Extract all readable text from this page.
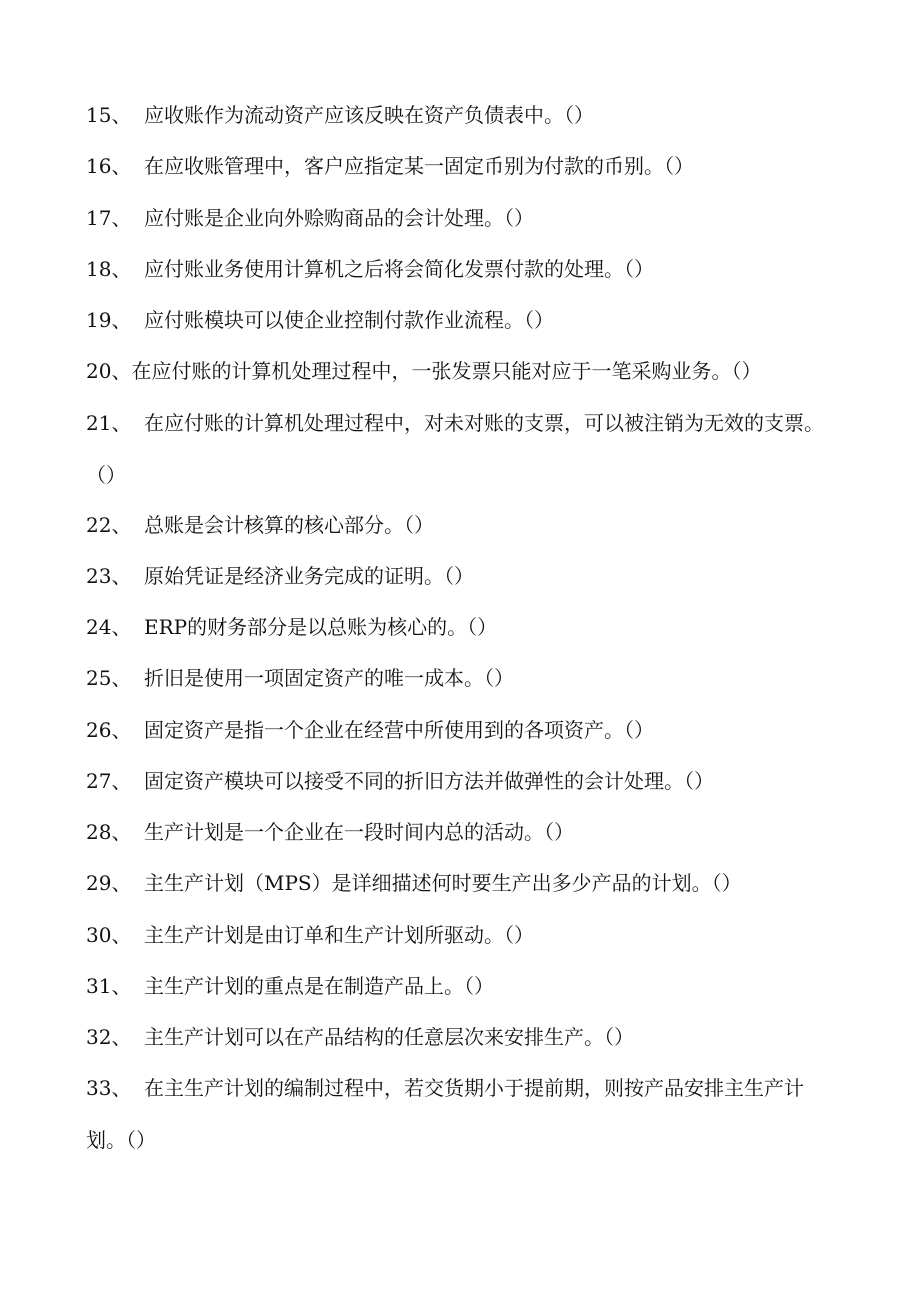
15、 应收账作为流动资产应该反映在资产负债表中。（）
16、 在应收账管理中，客户应指定某一固定币别为付款的币别。（）
17、 应付账是企业向外赊购商品的会计处理。（）
18、 应付账业务使用计算机之后将会简化发票付款的处理。（）
19、 应付账模块可以使企业控制付款作业流程。（）
20、在应付账的计算机处理过程中，一张发票只能对应于一笔采购业务。（）
21、 在应付账的计算机处理过程中，对未对账的支票，可以被注销为无效的支票。（）
22、 总账是会计核算的核心部分。（）
23、 原始凭证是经济业务完成的证明。（）
24、 ERP的财务部分是以总账为核心的。（）
25、 折旧是使用一项固定资产的唯一成本。（）
26、 固定资产是指一个企业在经营中所使用到的各项资产。（）
27、 固定资产模块可以接受不同的折旧方法并做弹性的会计处理。（）
28、 生产计划是一个企业在一段时间内总的活动。（）
29、 主生产计划（MPS）是详细描述何时要生产出多少产品的计划。（）
30、 主生产计划是由订单和生产计划所驱动。（）
31、 主生产计划的重点是在制造产品上。（）
32、 主生产计划可以在产品结构的任意层次来安排生产。（）
33、 在主生产计划的编制过程中，若交货期小于提前期，则按产品安排主生产计划。（）
